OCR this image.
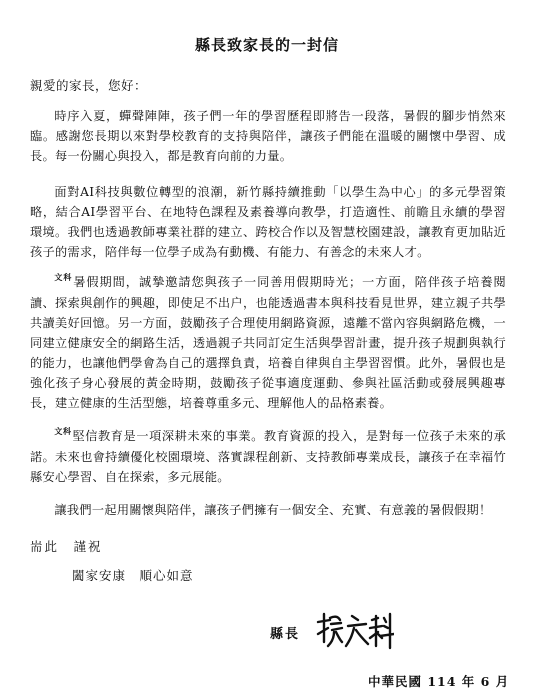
縣長致家長的一封信

親愛的家長，您好：

時序入夏，蟬聲陣陣，孩子們一年的學習歷程即將告一段落，暑假的腳步悄然來臨。感謝您長期以來對學校教育的支持與陪伴，讓孩子們能在溫暖的關懷中學習、成長。每一份關心與投入，都是教育向前的力量。

面對AI科技與數位轉型的浪潮，新竹縣持續推動「以學生為中心」的多元學習策略，結合AI學習平台、在地特色課程及素養導向教學，打造適性、前瞻且永續的學習環境。我們也透過教師專業社群的建立、跨校合作以及智慧校園建設，讓教育更加貼近孩子的需求，陪伴每一位學子成為有動機、有能力、有善念的未來人才。

$^{文科}$暑假期間，誠摯邀請您與孩子一同善用假期時光；一方面，陪伴孩子培養閱讀、探索與創作的興趣，即使足不出户，也能透過書本與科技看見世界，建立親子共學共讀美好回憶。另一方面，鼓勵孩子合理使用網路資源，遠離不當內容與網路危機，一同建立健康安全的網路生活，透過親子共同訂定生活與學習計畫，提升孩子規劃與執行的能力，也讓他們學會為自己的選擇負責，培養自律與自主學習習慣。此外，暑假也是強化孩子身心發展的黃金時期，鼓勵孩子從事適度運動、參與社區活動或發展興趣專長，建立健康的生活型態，培養尊重多元、理解他人的品格素養。

$^{文科}$堅信教育是一項深耕未來的事業。教育資源的投入，是對每一位孩子未來的承諾。未來也會持續優化校園環境、落實課程創新、支持教師專業成長，讓孩子在幸福竹縣安心學習、自在探索，多元展能。

讓我們一起用關懷與陪伴，讓孩子們擁有一個安全、充實、有意義的暑假假期！

耑此　謹祝

闔家安康　順心如意

縣長
中華民國 114 年 6 月
